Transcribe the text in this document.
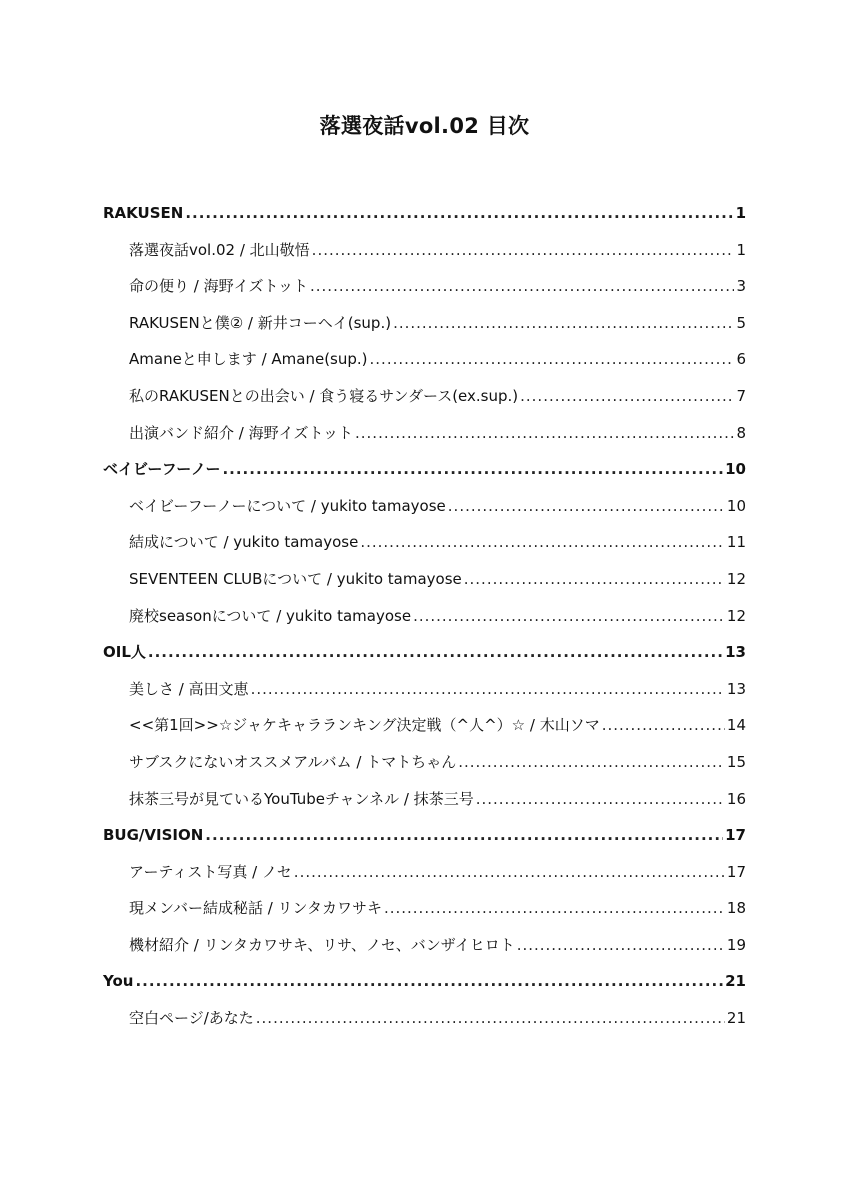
落選夜話vol.02 目次
RAKUSEN .....	1
落選夜話vol.02 / 北山敬悟 .....	1
命の便り / 海野イズトット .....	3
RAKUSENと僕② / 新井コーヘイ(sup.) .....	5
Amaneと申します / Amane(sup.) .....	6
私のRAKUSENとの出会い / 食う寝るサンダース(ex.sup.) .....	7
出演バンド紹介 / 海野イズトット .....	8
ベイビーフーノー .....	10
ベイビーフーノーについて / yukito tamayose .....	10
結成について / yukito tamayose .....	11
SEVENTEEN CLUBについて / yukito tamayose .....	12
廃校seasonについて / yukito tamayose .....	12
OIL人 .....	13
美しさ / 高田文恵 .....	13
<<第1回>>☆ジャケキャラランキング決定戦（^人^）☆ / 木山ソマ .....	14
サブスクにないオススメアルバム / トマトちゃん .....	15
抹茶三号が見ているYouTubeチャンネル / 抹茶三号 .....	16
BUG/VISION .....	17
アーティスト写真 / ノセ .....	17
現メンバー結成秘話 / リンタカワサキ .....	18
機材紹介 / リンタカワサキ、リサ、ノセ、バンザイヒロト .....	19
You .....	21
空白ページ/あなた .....	21
